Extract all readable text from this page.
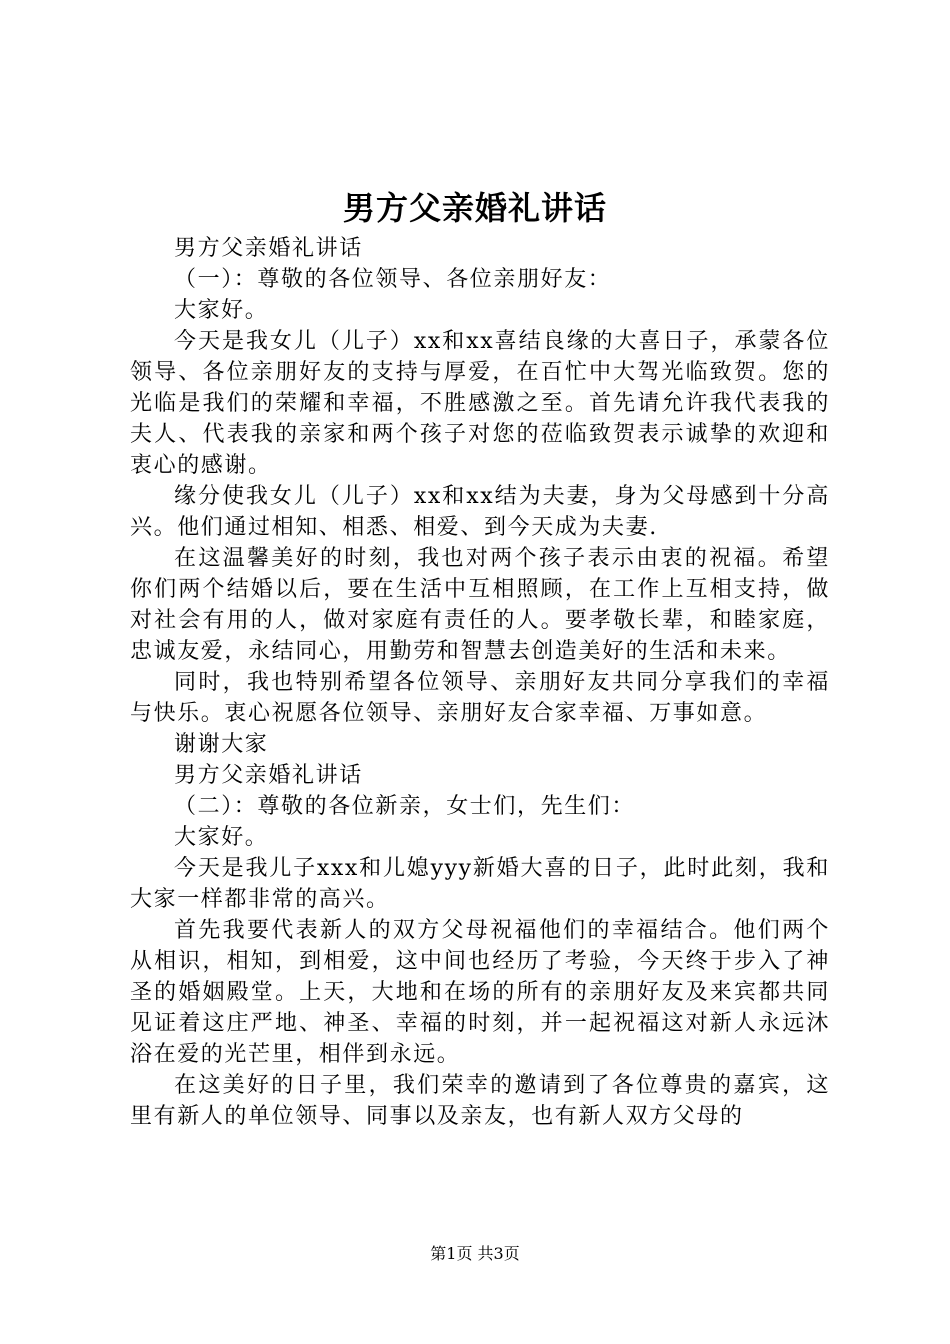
男方父亲婚礼讲话

男方父亲婚礼讲话

（一）：尊敬的各位领导、各位亲朋好友：

大家好。

今天是我女儿（儿子）xx和xx喜结良缘的大喜日子，承蒙各位领导、各位亲朋好友的支持与厚爱，在百忙中大驾光临致贺。您的光临是我们的荣耀和幸福，不胜感激之至。首先请允许我代表我的夫人、代表我的亲家和两个孩子对您的莅临致贺表示诚挚的欢迎和衷心的感谢。

缘分使我女儿（儿子）xx和xx结为夫妻，身为父母感到十分高兴。他们通过相知、相悉、相爱、到今天成为夫妻.

在这温馨美好的时刻，我也对两个孩子表示由衷的祝福。希望你们两个结婚以后，要在生活中互相照顾，在工作上互相支持，做对社会有用的人，做对家庭有责任的人。要孝敬长辈，和睦家庭，忠诚友爱，永结同心，用勤劳和智慧去创造美好的生活和未来。

同时，我也特别希望各位领导、亲朋好友共同分享我们的幸福与快乐。衷心祝愿各位领导、亲朋好友合家幸福、万事如意。

谢谢大家

男方父亲婚礼讲话

（二）：尊敬的各位新亲，女士们，先生们：

大家好。

今天是我儿子xxx和儿媳yyy新婚大喜的日子，此时此刻，我和大家一样都非常的高兴。

首先我要代表新人的双方父母祝福他们的幸福结合。他们两个从相识，相知，到相爱，这中间也经历了考验，今天终于步入了神圣的婚姻殿堂。上天，大地和在场的所有的亲朋好友及来宾都共同见证着这庄严地、神圣、幸福的时刻，并一起祝福这对新人永远沐浴在爱的光芒里，相伴到永远。

在这美好的日子里，我们荣幸的邀请到了各位尊贵的嘉宾，这里有新人的单位领导、同事以及亲友，也有新人双方父母的

第1页 共3页
